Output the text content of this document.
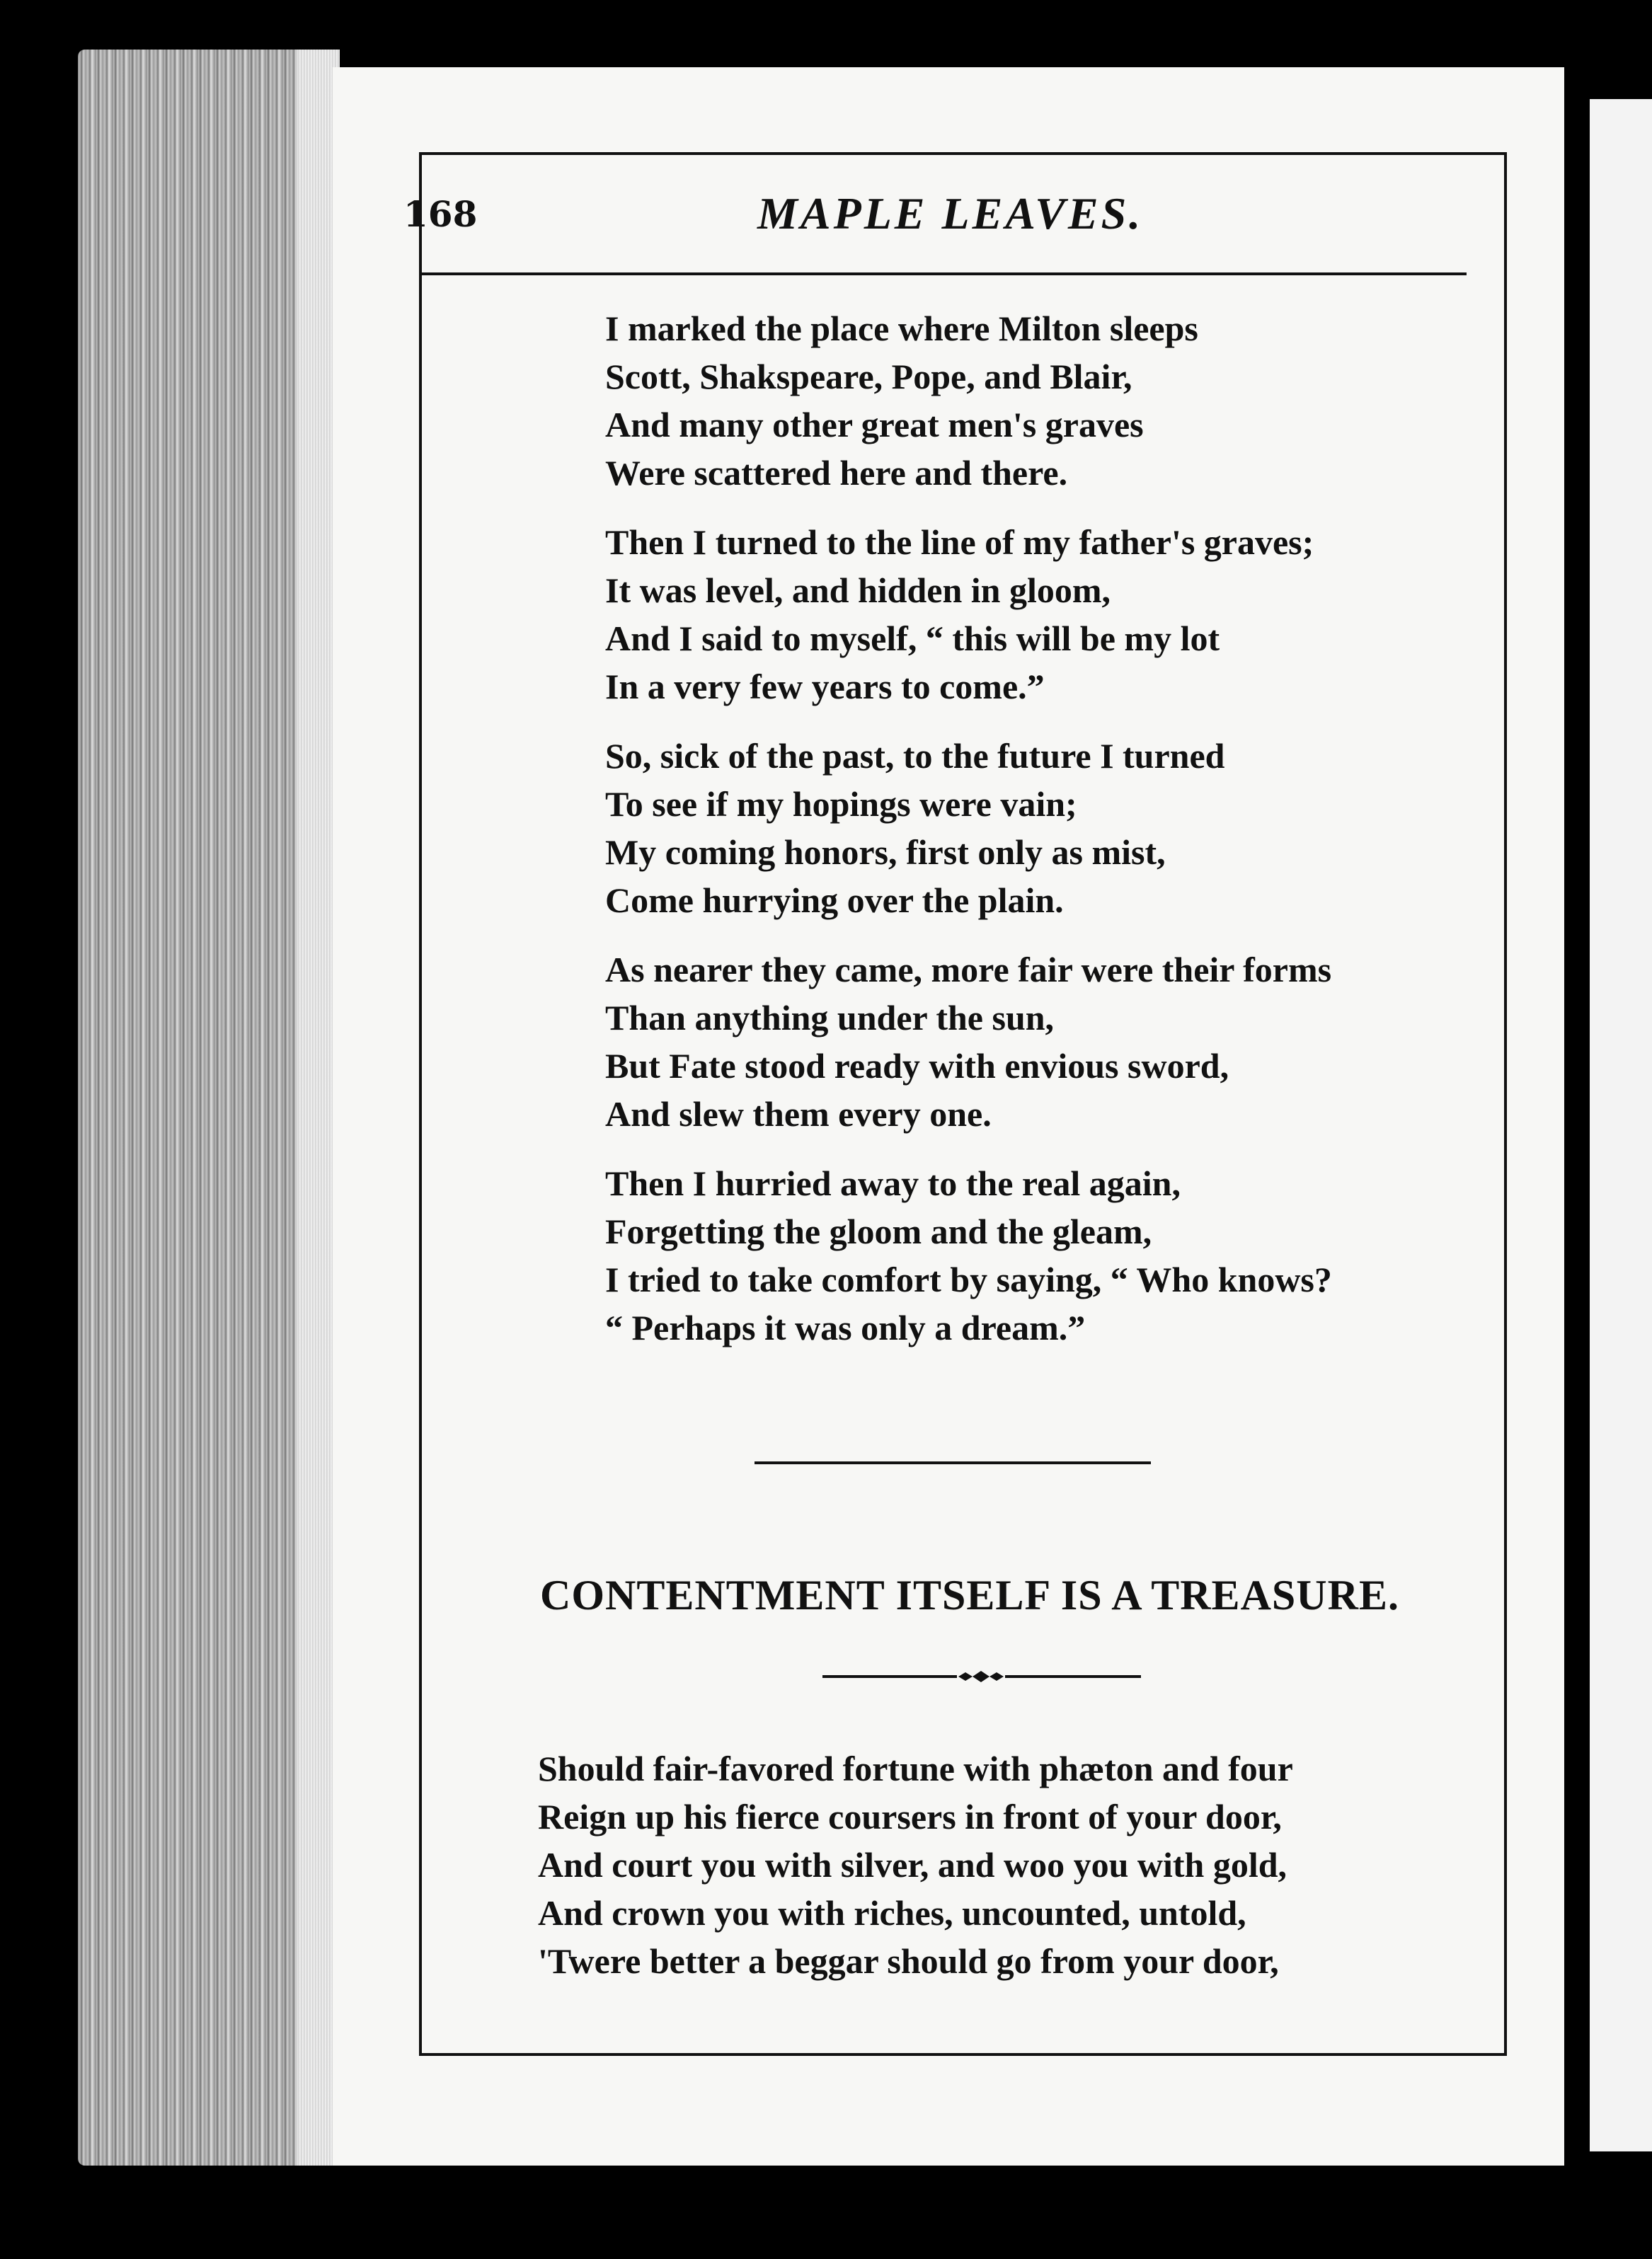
168	MAPLE LEAVES.
I marked the place where Milton sleeps
Scott, Shakspeare, Pope, and Blair,
And many other great men's graves
Were scattered here and there.
Then I turned to the line of my father's graves;
It was level, and hidden in gloom,
And I said to myself, “ this will be my lot
In a very few years to come.”
So, sick of the past, to the future I turned
To see if my hopings were vain;
My coming honors, first only as mist,
Come hurrying over the plain.
As nearer they came, more fair were their forms
Than anything under the sun,
But Fate stood ready with envious sword,
And slew them every one.
Then I hurried away to the real again,
Forgetting the gloom and the gleam,
I tried to take comfort by saying, “ Who knows?
“ Perhaps it was only a dream.”
CONTENTMENT ITSELF IS A TREASURE.
Should fair-favored fortune with phæton and four
Reign up his fierce coursers in front of your door,
And court you with silver, and woo you with gold,
And crown you with riches, uncounted, untold,
'Twere better a beggar should go from your door,
